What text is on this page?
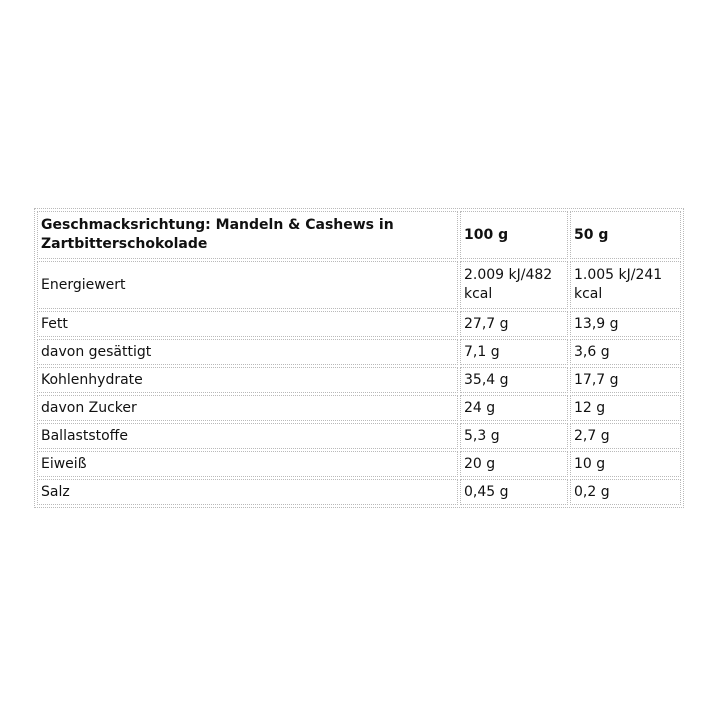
Geschmacksrichtung: Mandeln & Cashews in Zartbitterschokolade	100 g	50 g
Energiewert	2.009 kJ/482 kcal	1.005 kJ/241 kcal
Fett	27,7 g	13,9 g
davon gesättigt	7,1 g	3,6 g
Kohlenhydrate	35,4 g	17,7 g
davon Zucker	24 g	12 g
Ballaststoffe	5,3 g	2,7 g
Eiweiß	20 g	10 g
Salz	0,45 g	0,2 g
